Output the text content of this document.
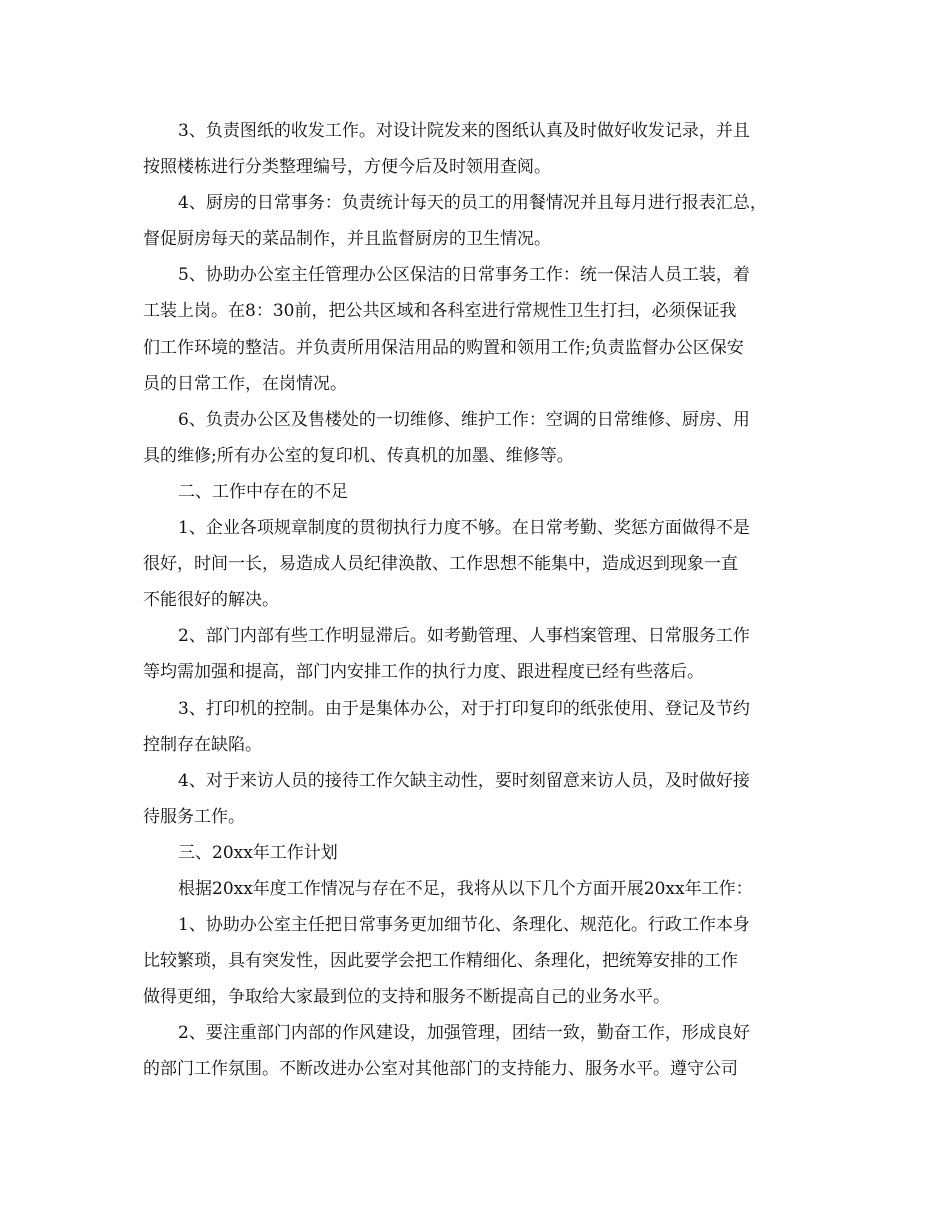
3、负责图纸的收发工作。对设计院发来的图纸认真及时做好收发记录，并且
按照楼栋进行分类整理编号，方便今后及时领用查阅。
4、厨房的日常事务：负责统计每天的员工的用餐情况并且每月进行报表汇总，
督促厨房每天的菜品制作，并且监督厨房的卫生情况。
5、协助办公室主任管理办公区保洁的日常事务工作：统一保洁人员工装，着
工装上岗。在8：30前，把公共区域和各科室进行常规性卫生打扫，必须保证我
们工作环境的整洁。并负责所用保洁用品的购置和领用工作;负责监督办公区保安
员的日常工作，在岗情况。
6、负责办公区及售楼处的一切维修、维护工作：空调的日常维修、厨房、用
具的维修;所有办公室的复印机、传真机的加墨、维修等。
二、工作中存在的不足
1、企业各项规章制度的贯彻执行力度不够。在日常考勤、奖惩方面做得不是
很好，时间一长，易造成人员纪律涣散、工作思想不能集中，造成迟到现象一直
不能很好的解决。
2、部门内部有些工作明显滞后。如考勤管理、人事档案管理、日常服务工作
等均需加强和提高，部门内安排工作的执行力度、跟进程度已经有些落后。
3、打印机的控制。由于是集体办公，对于打印复印的纸张使用、登记及节约
控制存在缺陷。
4、对于来访人员的接待工作欠缺主动性，要时刻留意来访人员，及时做好接
待服务工作。
三、20xx年工作计划
根据20xx年度工作情况与存在不足，我将从以下几个方面开展20xx年工作：
1、协助办公室主任把日常事务更加细节化、条理化、规范化。行政工作本身
比较繁琐，具有突发性，因此要学会把工作精细化、条理化，把统筹安排的工作
做得更细，争取给大家最到位的支持和服务不断提高自己的业务水平。
2、要注重部门内部的作风建设，加强管理，团结一致，勤奋工作，形成良好
的部门工作氛围。不断改进办公室对其他部门的支持能力、服务水平。遵守公司
